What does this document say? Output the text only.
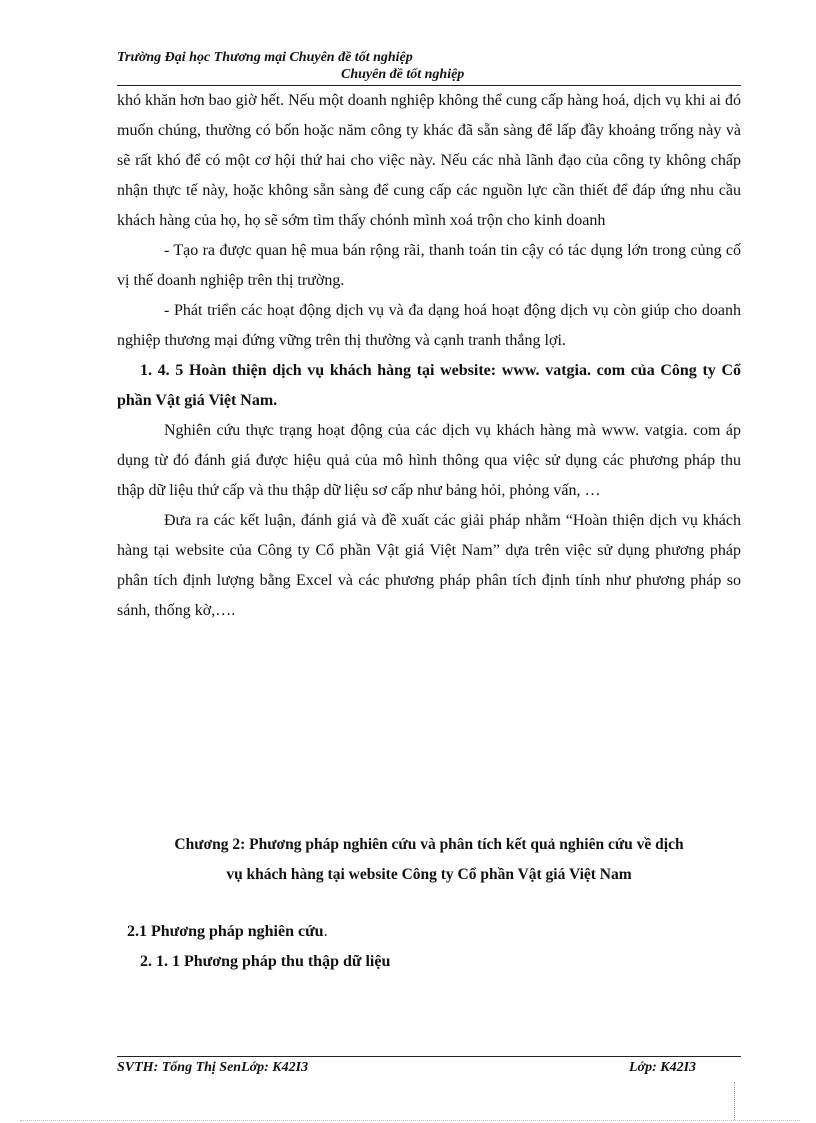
Trường Đại học Thương mại Chuyên đề tốt nghiệp
Chuyên đề tốt nghiệp

khó khăn hơn bao giờ hết. Nếu một doanh nghiệp không thể cung cấp hàng hoá, dịch vụ khi ai đó muốn chúng, thường có bốn hoặc năm công ty khác đã sẵn sàng để lấp đầy khoảng trống này và sẽ rất khó để có một cơ hội thứ hai cho việc này. Nếu các nhà lãnh đạo của công ty không chấp nhận thực tế này, hoặc không sẵn sàng để cung cấp các nguồn lực cần thiết để đáp ứng nhu cầu khách hàng của họ, họ sẽ sớm tìm thấy chónh mình xoá trộn cho kinh doanh

- Tạo ra được quan hệ mua bán rộng rãi, thanh toán tin cậy có tác dụng lớn trong củng cố vị thế doanh nghiệp trên thị trường.

- Phát triển các hoạt động dịch vụ và đa dạng hoá hoạt động dịch vụ còn giúp cho doanh nghiệp thương mại đứng vững trên thị thường và cạnh tranh thắng lợi.

1. 4. 5 Hoàn thiện dịch vụ khách hàng tại website: www. vatgia. com của Công ty Cổ phần Vật giá Việt Nam.

Nghiên cứu thực trạng hoạt động của các dịch vụ khách hàng mà www. vatgia. com áp dụng từ đó đánh giá được hiệu quả của mô hình thông qua việc sử dụng các phương pháp thu thập dữ liệu thứ cấp và thu thập dữ liệu sơ cấp như bảng hỏi, phỏng vấn, …

Đưa ra các kết luận, đánh giá và đề xuất các giải pháp nhằm “Hoàn thiện dịch vụ khách hàng tại website của Công ty Cổ phần Vật giá Việt Nam” dựa trên việc sử dụng phương pháp phân tích định lượng bằng Excel và các phương pháp phân tích định tính như phương pháp so sánh, thống kờ,….

Chương 2: Phương pháp nghiên cứu và phân tích kết quả nghiên cứu về dịch
vụ khách hàng tại website Công ty Cổ phần Vật giá Việt Nam
2.1 Phương pháp nghiên cứu.
2. 1. 1 Phương pháp thu thập dữ liệu
SVTH: Tống Thị SenLớp: K42I3	Lớp: K42I3
